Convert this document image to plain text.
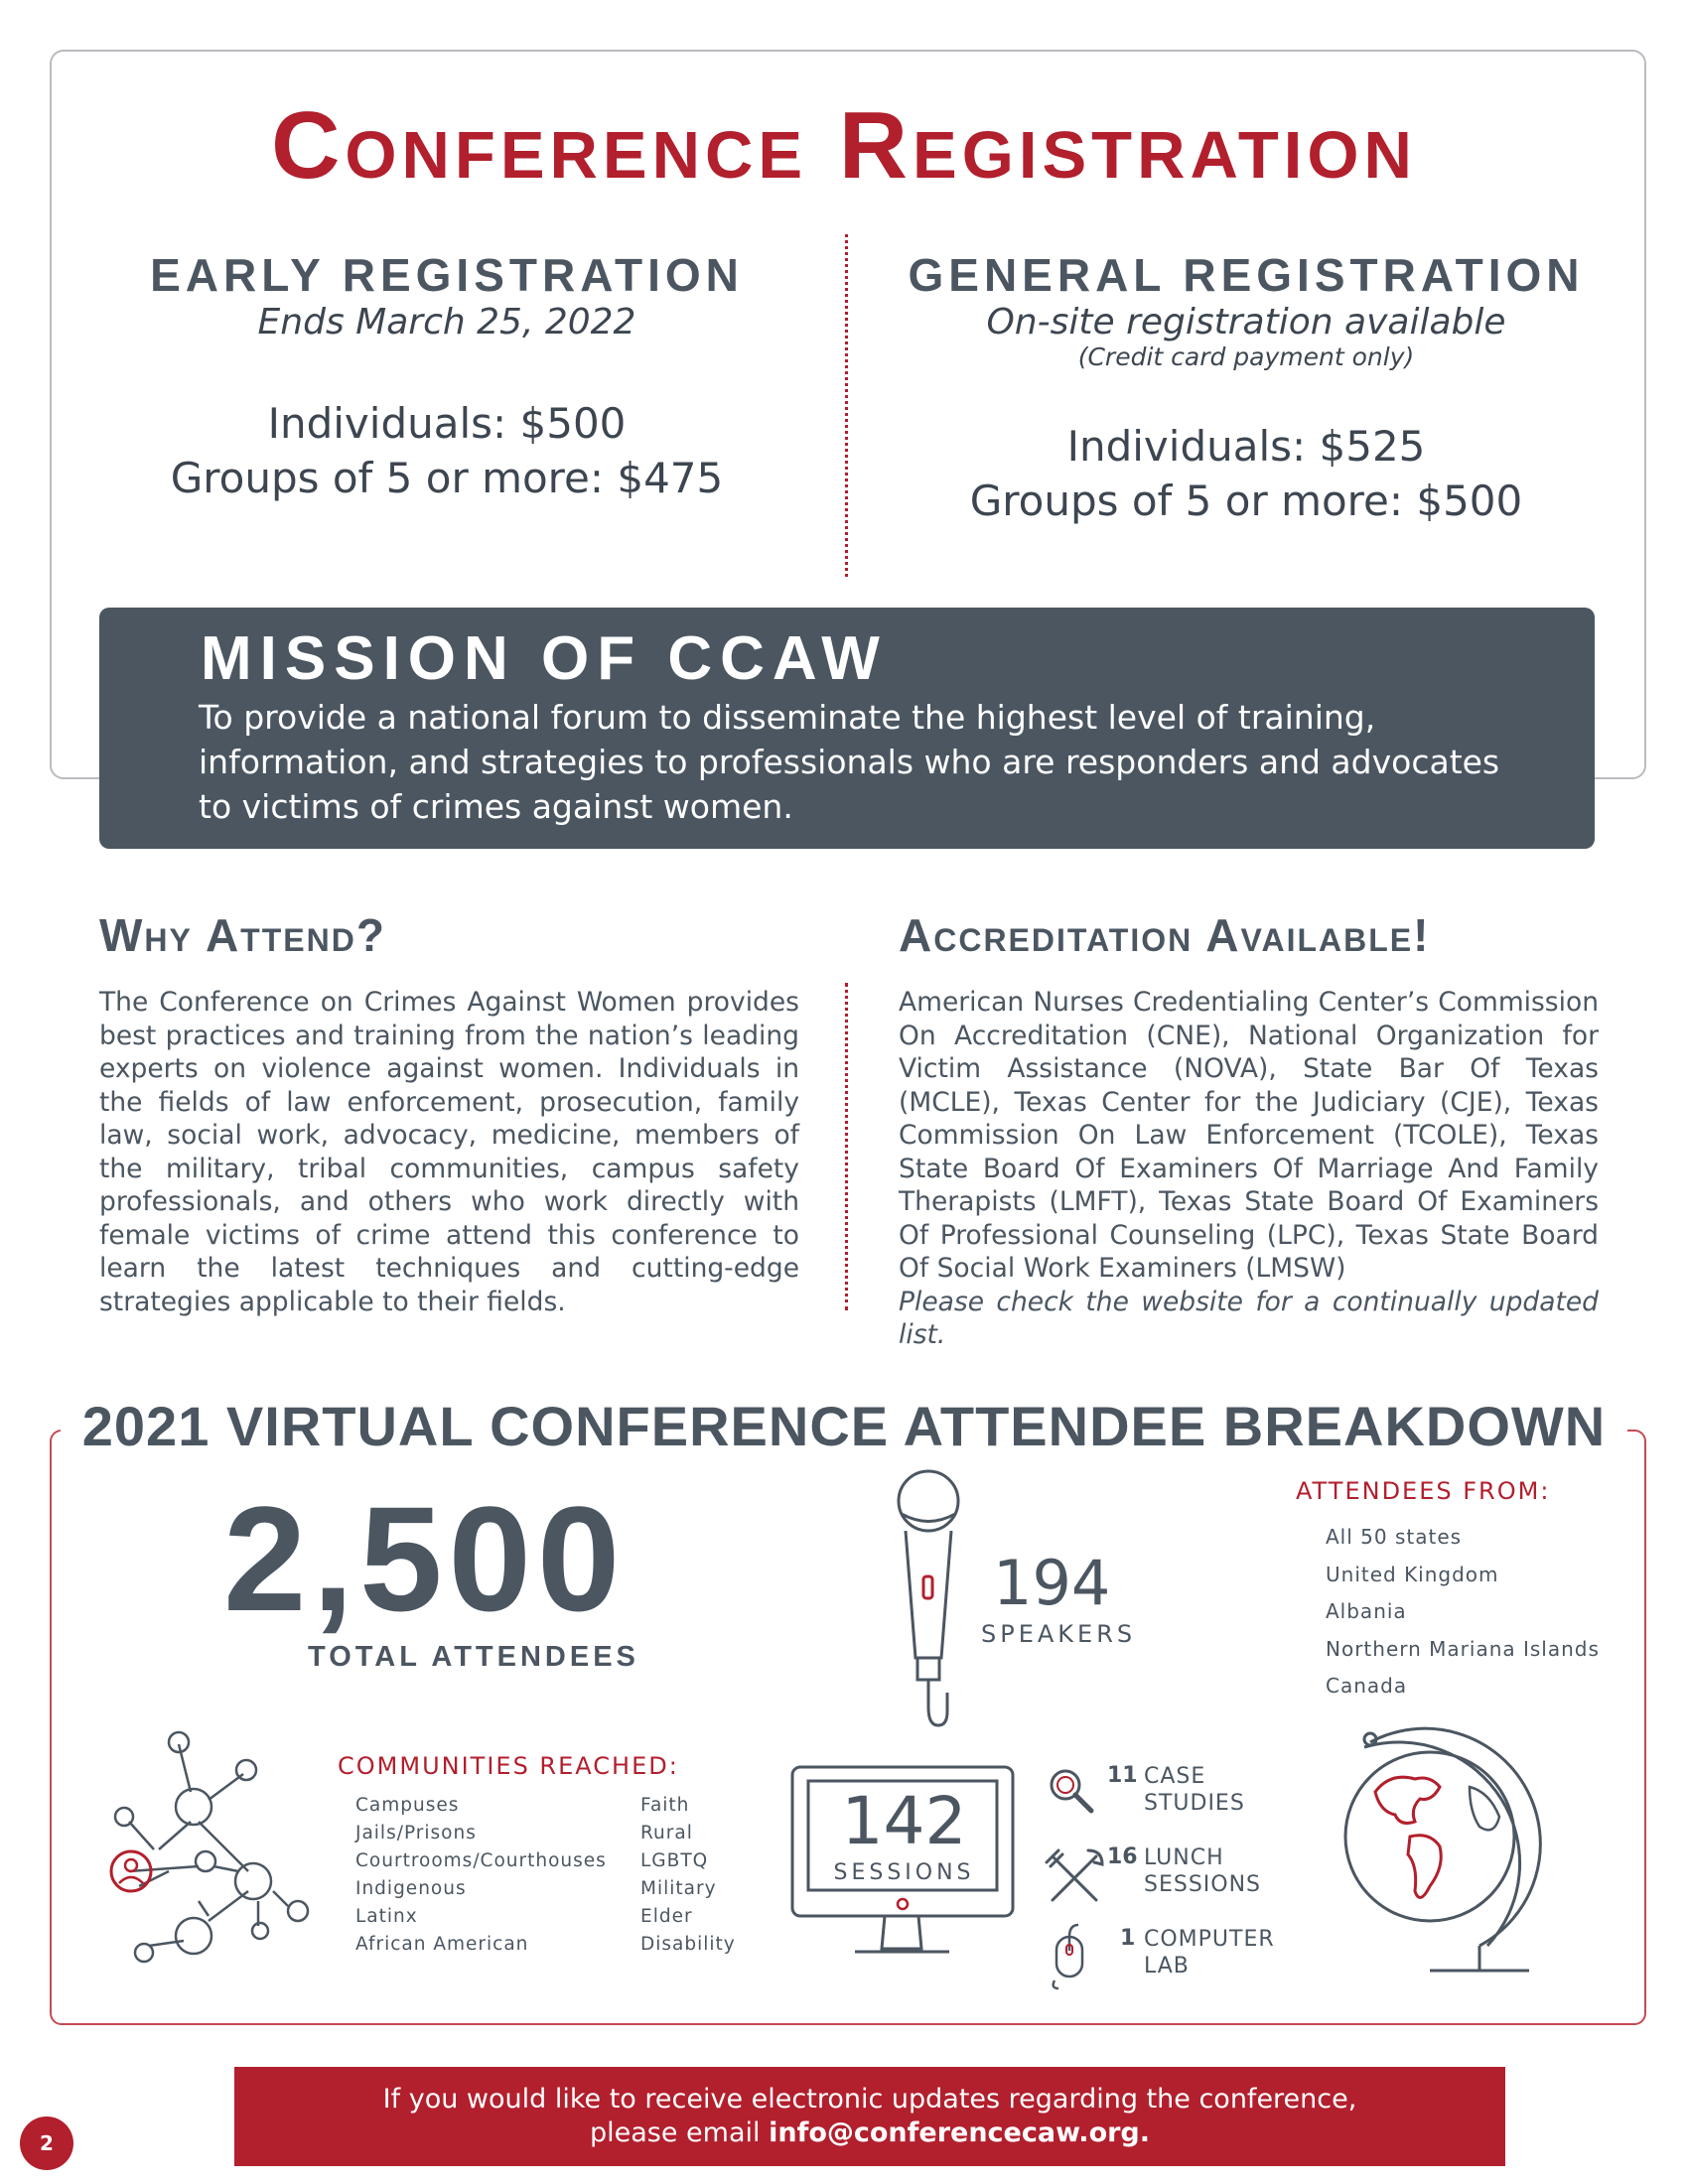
Conference Registration
EARLY REGISTRATION
Ends March 25, 2022
Individuals: $500
Groups of 5 or more: $475
GENERAL REGISTRATION
On-site registration available
(Credit card payment only)
Individuals: $525
Groups of 5 or more: $500
MISSION OF CCAW
To provide a national forum to disseminate the highest level of training, information, and strategies to professionals who are responders and advocates to victims of crimes against women.
Why Attend?
The Conference on Crimes Against Women provides best practices and training from the nation’s leading experts on violence against women. Individuals in the fields of law enforcement, prosecution, family law, social work, advocacy, medicine, members of the military, tribal communities, campus safety professionals, and others who work directly with female victims of crime attend this conference to learn the latest techniques and cutting-edge strategies applicable to their fields.
Accreditation Available!
American Nurses Credentialing Center’s Commission On Accreditation (CNE), National Organization for Victim Assistance (NOVA), State Bar Of Texas (MCLE), Texas Center for the Judiciary (CJE), Texas Commission On Law Enforcement (TCOLE), Texas State Board Of Examiners Of Marriage And Family Therapists (LMFT), Texas State Board Of Examiners Of Professional Counseling (LPC), Texas State Board Of Social Work Examiners (LMSW)
Please check the website for a continually updated list.
2021 VIRTUAL CONFERENCE ATTENDEE BREAKDOWN
2,500
TOTAL ATTENDEES
194
SPEAKERS
ATTENDEES FROM:
All 50 states
United Kingdom
Albania
Northern Mariana Islands
Canada
COMMUNITIES REACHED:
Campuses
Jails/Prisons
Courtrooms/Courthouses
Indigenous
Latinx
African American
Faith
Rural
LGBTQ
Military
Elder
Disability
142
SESSIONS
11 CASE
STUDIES
16 LUNCH
SESSIONS
1 COMPUTER
LAB
If you would like to receive electronic updates regarding the conference,
please email info@conferencecaw.org.
2
